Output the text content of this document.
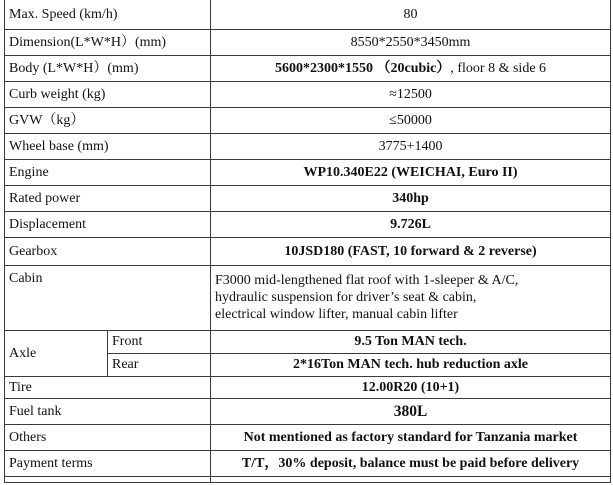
Max. Speed (km/h)		80
Dimension(L*W*H）(mm)		8550*2550*3450mm
Body (L*W*H）(mm)		5600*2300*1550 （20cubic）, floor 8 & side 6
Curb weight (kg)		≈12500
GVW（kg）		≤50000
Wheel base (mm)		3775+1400
Engine		WP10.340E22 (WEICHAI, Euro II)
Rated power		340hp
Displacement		9.726L
Gearbox		10JSD180 (FAST, 10 forward & 2 reverse)
Cabin		F3000 mid-lengthened flat roof with 1-sleeper & A/C,
hydraulic suspension for driver’s seat & cabin,
electrical window lifter, manual cabin lifter

Axle	Front	9.5 Ton MAN tech.
	Rear	2*16Ton MAN tech. hub reduction axle
Tire		12.00R20 (10+1)
Fuel tank		380L
Others		Not mentioned as factory standard for Tanzania market
Payment terms		T/T，30% deposit, balance must be paid before delivery
